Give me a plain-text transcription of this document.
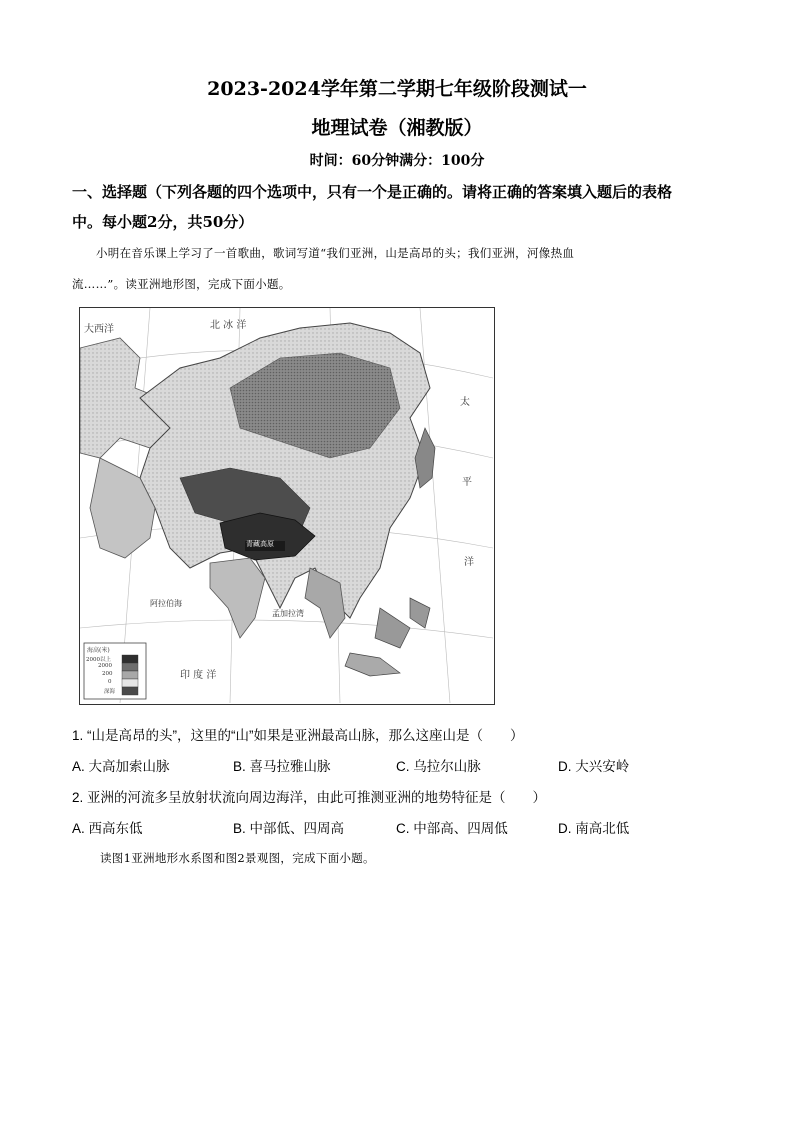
2023-2024学年第二学期七年级阶段测试一
地理试卷（湘教版）
时间：60分钟满分：100分
一、选择题（下列各题的四个选项中，只有一个是正确的。请将正确的答案填入题后的表格
中。每小题2分，共50分）
小明在音乐课上学习了一首歌曲，歌词写道“我们亚洲，山是高昂的头；我们亚洲，河像热血
流……”。读亚洲地形图，完成下面小题。
大西洋	北 冰 洋
太
平
洋
印 度 洋
青藏高原
阿拉伯海
孟加拉湾
海高(米)
2000以上
2000
200
0
深海
1. “山是高昂的头”，这里的“山”如果是亚洲最高山脉，那么这座山是（　　）
A. 大高加索山脉	B. 喜马拉雅山脉	C. 乌拉尔山脉	D. 大兴安岭
2. 亚洲的河流多呈放射状流向周边海洋，由此可推测亚洲的地势特征是（　　）
A. 西高东低	B. 中部低、四周高	C. 中部高、四周低	D. 南高北低
读图1亚洲地形水系图和图2景观图，完成下面小题。
